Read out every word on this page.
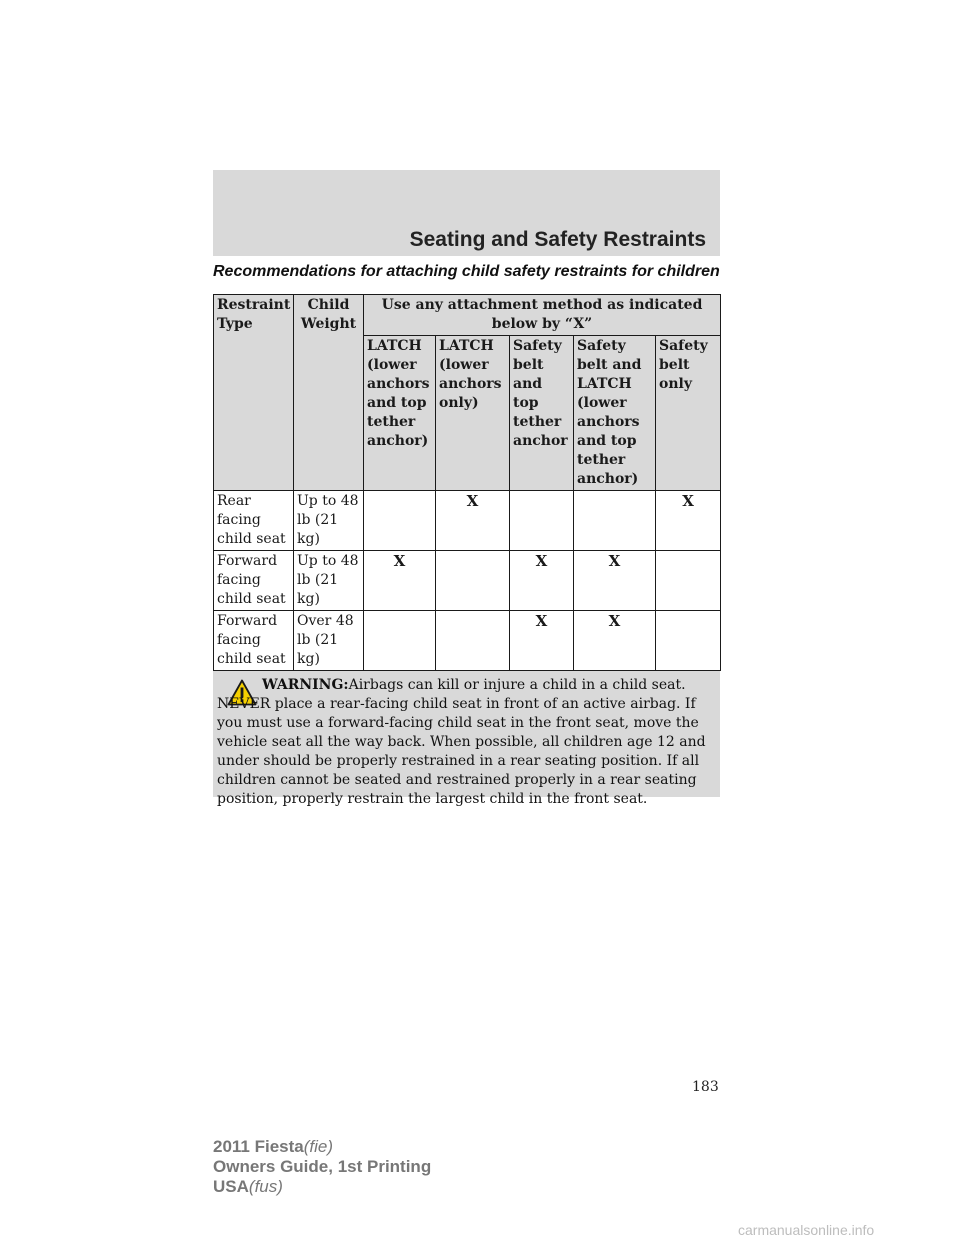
Seating and Safety Restraints
Recommendations for attaching child safety restraints for children
Restraint Type	Child Weight	Use any attachment method as indicated below by “X”				
		LATCH (lower anchors and top tether anchor)	LATCH (lower anchors only)	Safety belt and top tether anchor	Safety belt and LATCH (lower anchors and top tether anchor)	Safety belt only
Rear facing child seat	Up to 48 lb (21 kg)		X			X
Forward facing child seat	Up to 48 lb (21 kg)	X		X	X	
Forward facing child seat	Over 48 lb (21 kg)			X	X	
WARNING:Airbags can kill or injure a child in a child seat. NEVER place a rear-facing child seat in front of an active airbag. If you must use a forward-facing child seat in the front seat, move the vehicle seat all the way back. When possible, all children age 12 and under should be properly restrained in a rear seating position. If all children cannot be seated and restrained properly in a rear seating position, properly restrain the largest child in the front seat.
183
2011 Fiesta(fie)
Owners Guide, 1st Printing
USA(fus)
carmanualsonline.info
